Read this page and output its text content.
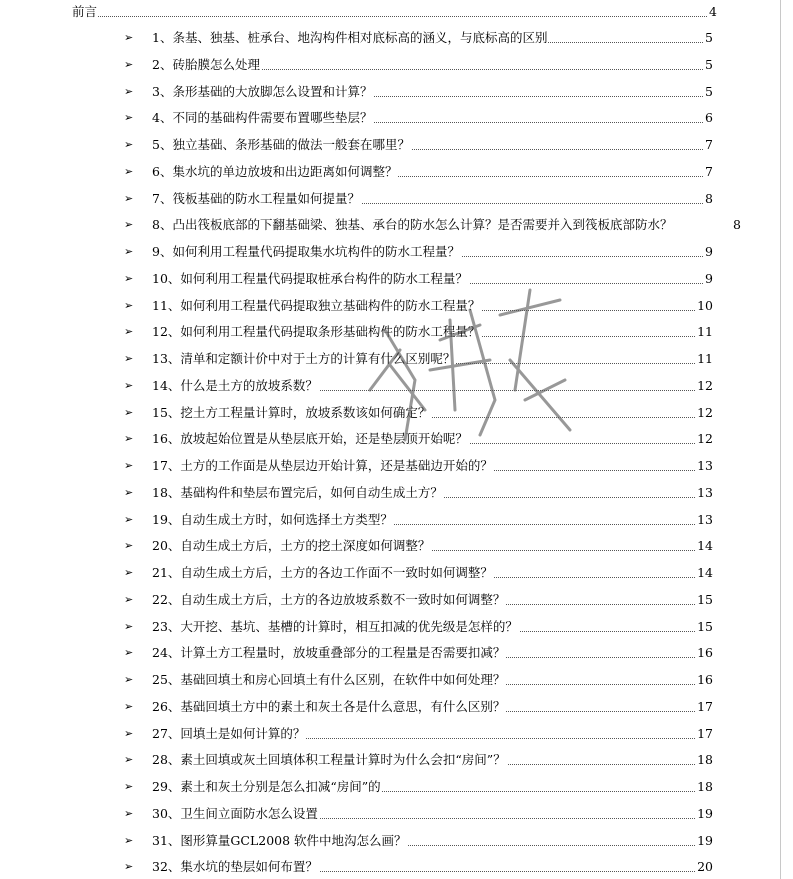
前言	4
➢ 1、条基、独基、桩承台、地沟构件相对底标高的涵义，与底标高的区别	5
➢ 2、砖胎膜怎么处理	5
➢ 3、条形基础的大放脚怎么设置和计算？	5
➢ 4、不同的基础构件需要布置哪些垫层？	6
➢ 5、独立基础、条形基础的做法一般套在哪里？	7
➢ 6、集水坑的单边放坡和出边距离如何调整？	7
➢ 7、筏板基础的防水工程量如何提量？	8
➢ 8、凸出筏板底部的下翻基础梁、独基、承台的防水怎么计算？是否需要并入到筏板底部防水？	8
➢ 9、如何利用工程量代码提取集水坑构件的防水工程量？	9
➢ 10、如何利用工程量代码提取桩承台构件的防水工程量？	9
➢ 11、如何利用工程量代码提取独立基础构件的防水工程量？	10
➢ 12、如何利用工程量代码提取条形基础构件的防水工程量？	11
➢ 13、清单和定额计价中对于土方的计算有什么区别呢？	11
➢ 14、什么是土方的放坡系数？	12
➢ 15、挖土方工程量计算时，放坡系数该如何确定？	12
➢ 16、放坡起始位置是从垫层底开始，还是垫层顶开始呢？	12
➢ 17、土方的工作面是从垫层边开始计算，还是基础边开始的？	13
➢ 18、基础构件和垫层布置完后，如何自动生成土方？	13
➢ 19、自动生成土方时，如何选择土方类型？	13
➢ 20、自动生成土方后，土方的挖土深度如何调整？	14
➢ 21、自动生成土方后，土方的各边工作面不一致时如何调整？	14
➢ 22、自动生成土方后，土方的各边放坡系数不一致时如何调整？	15
➢ 23、大开挖、基坑、基槽的计算时，相互扣减的优先级是怎样的？	15
➢ 24、计算土方工程量时，放坡重叠部分的工程量是否需要扣减？	16
➢ 25、基础回填土和房心回填土有什么区别，在软件中如何处理？	16
➢ 26、基础回填土方中的素土和灰土各是什么意思，有什么区别？	17
➢ 27、回填土是如何计算的？	17
➢ 28、素土回填或灰土回填体积工程量计算时为什么会扣“房间”？	18
➢ 29、素土和灰土分别是怎么扣减“房间”的	18
➢ 30、卫生间立面防水怎么设置	19
➢ 31、图形算量GCL2008 软件中地沟怎么画？	19
➢ 32、集水坑的垫层如何布置？	20
